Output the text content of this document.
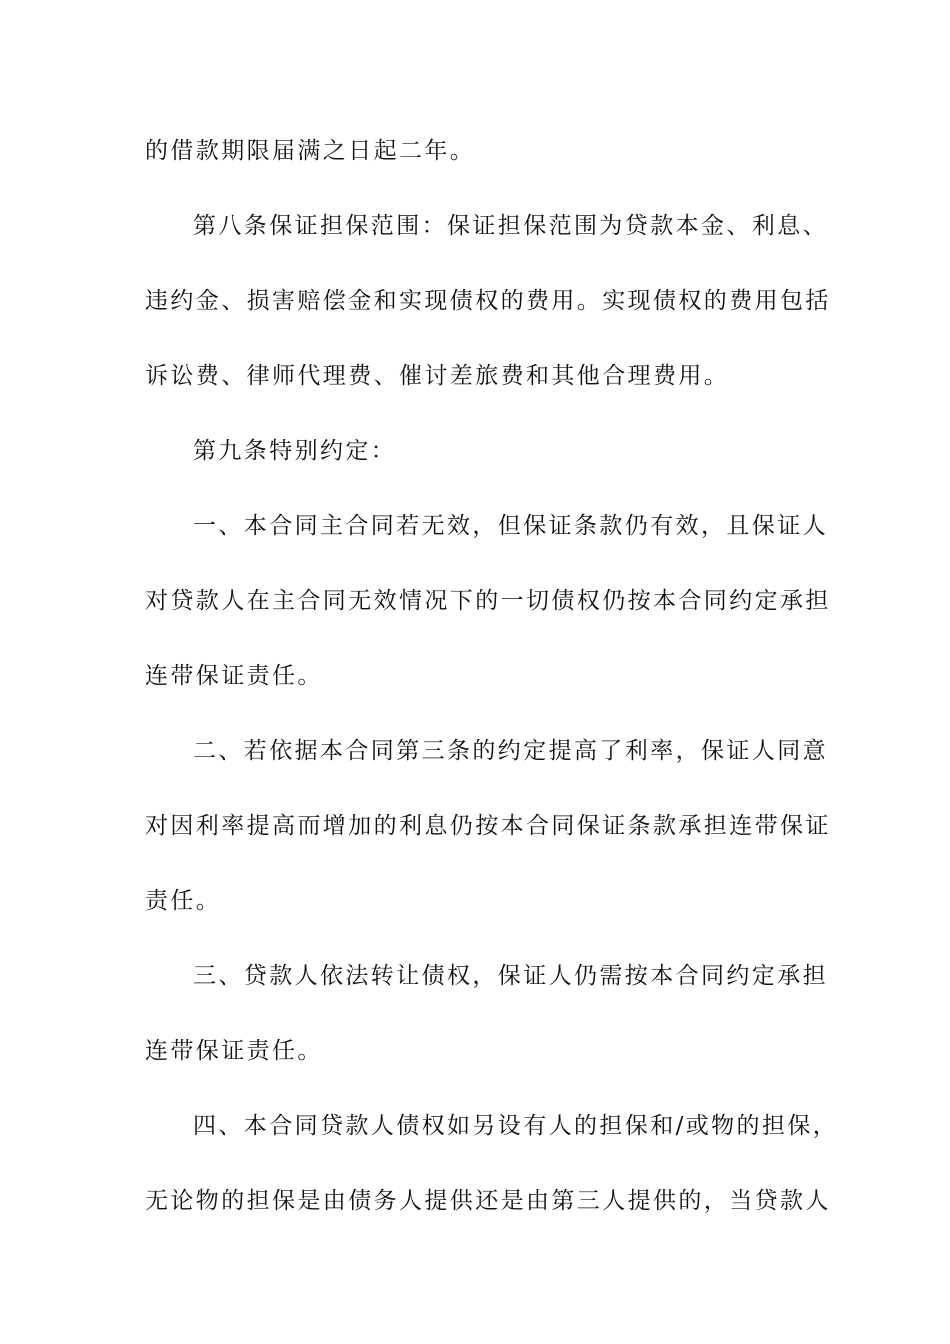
的借款期限届满之日起二年。
第八条保证担保范围：保证担保范围为贷款本金、利息、
违约金、损害赔偿金和实现债权的费用。实现债权的费用包括
诉讼费、律师代理费、催讨差旅费和其他合理费用。
第九条特别约定：
一、本合同主合同若无效，但保证条款仍有效，且保证人
对贷款人在主合同无效情况下的一切债权仍按本合同约定承担
连带保证责任。
二、若依据本合同第三条的约定提高了利率，保证人同意
对因利率提高而增加的利息仍按本合同保证条款承担连带保证
责任。
三、贷款人依法转让债权，保证人仍需按本合同约定承担
连带保证责任。
四、本合同贷款人债权如另设有人的担保和/或物的担保，
无论物的担保是由债务人提供还是由第三人提供的，当贷款人
